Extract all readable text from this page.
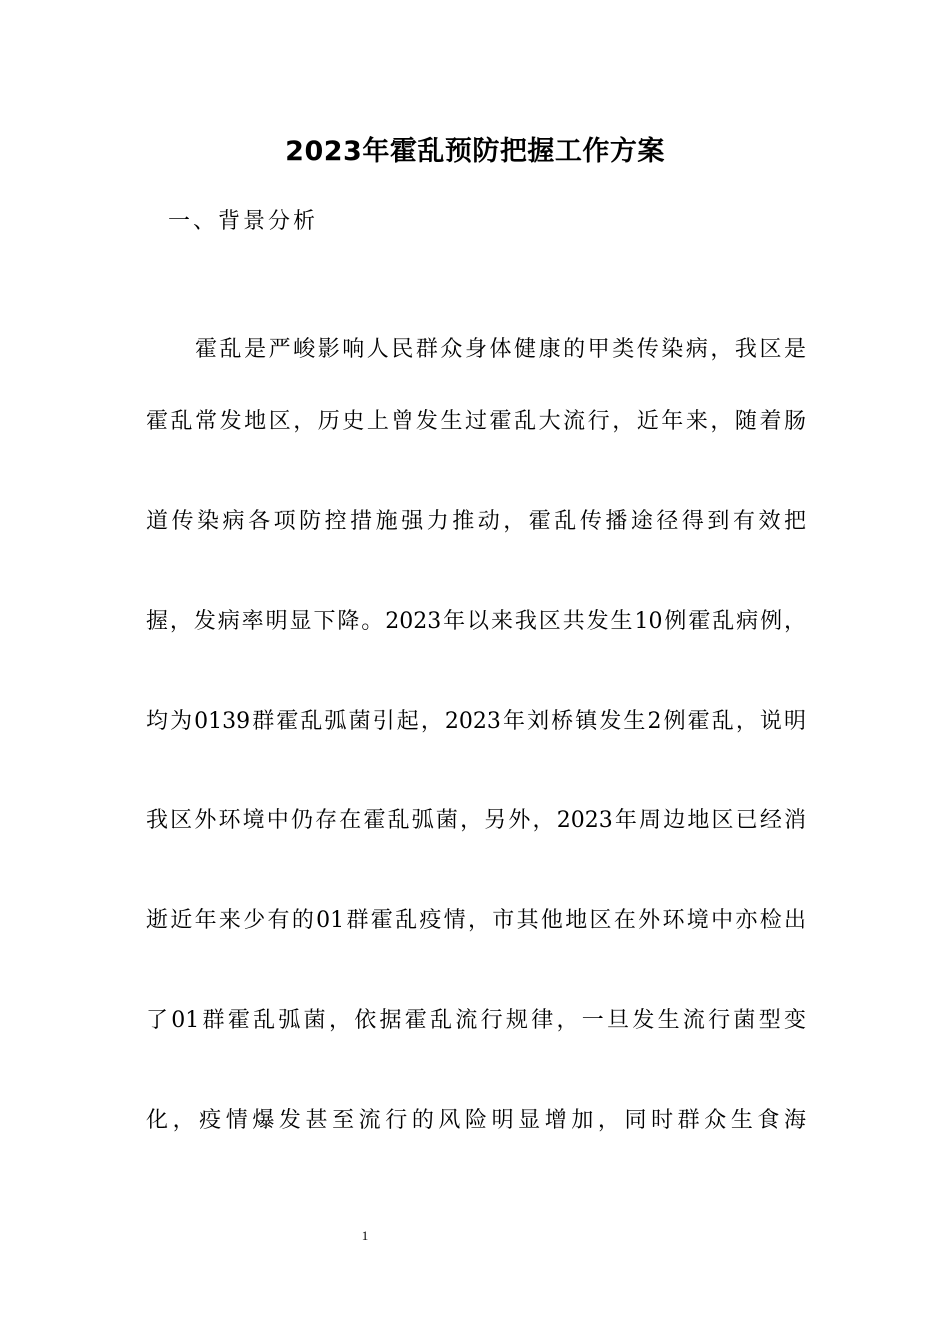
2023年霍乱预防把握工作方案
一、背景分析
霍乱是严峻影响人民群众身体健康的甲类传染病，我区是
霍乱常发地区，历史上曾发生过霍乱大流行，近年来，随着肠
道传染病各项防控措施强力推动，霍乱传播途径得到有效把
握，发病率明显下降。2023年以来我区共发生10例霍乱病例，
均为0139群霍乱弧菌引起，2023年刘桥镇发生2例霍乱，说明
我区外环境中仍存在霍乱弧菌，另外，2023年周边地区已经消
逝近年来少有的01群霍乱疫情，市其他地区在外环境中亦检出
了01群霍乱弧菌，依据霍乱流行规律，一旦发生流行菌型变
化，疫情爆发甚至流行的风险明显增加，同时群众生食海
1
